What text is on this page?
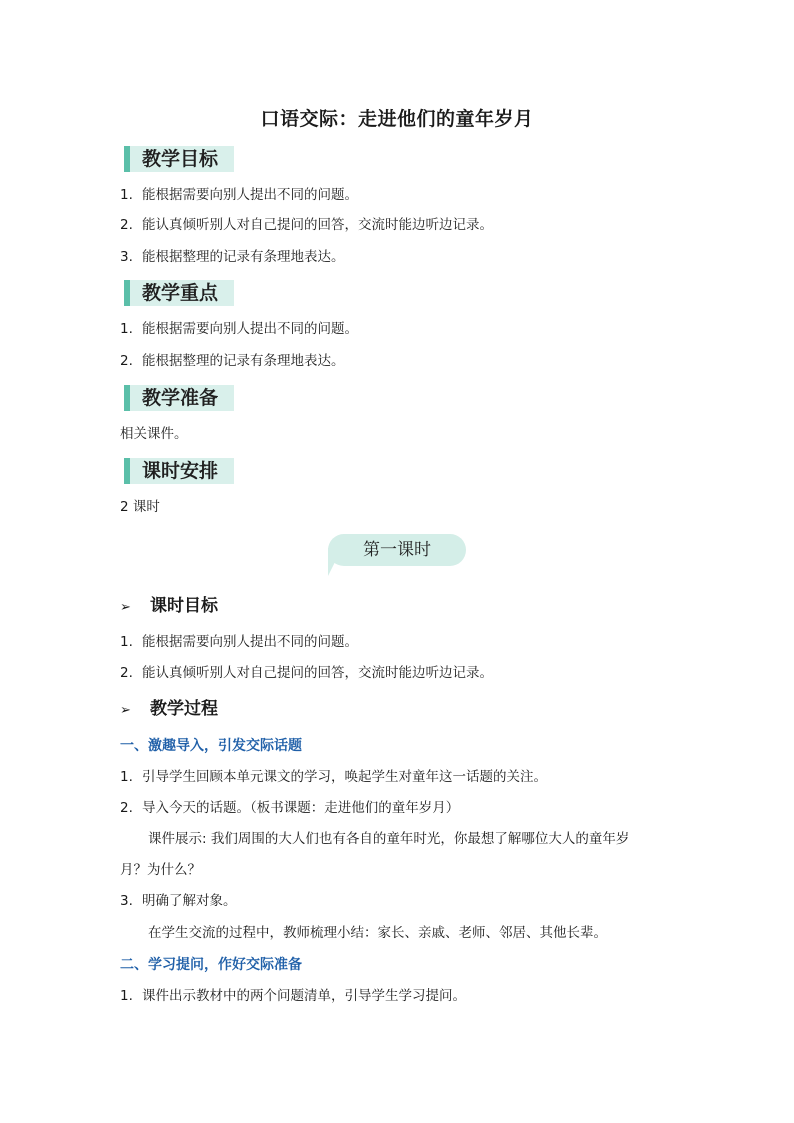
口语交际：走进他们的童年岁月
教学目标
1. 能根据需要向别人提出不同的问题。
2. 能认真倾听别人对自己提问的回答，交流时能边听边记录。
3. 能根据整理的记录有条理地表达。
教学重点
1. 能根据需要向别人提出不同的问题。
2. 能根据整理的记录有条理地表达。
教学准备
相关课件。
课时安排
2 课时
第一课时
➢ 课时目标
1. 能根据需要向别人提出不同的问题。
2. 能认真倾听别人对自己提问的回答，交流时能边听边记录。
➢ 教学过程
一、激趣导入，引发交际话题
1. 引导学生回顾本单元课文的学习，唤起学生对童年这一话题的关注。
2. 导入今天的话题。（板书课题：走进他们的童年岁月）
课件展示: 我们周围的大人们也有各自的童年时光，你最想了解哪位大人的童年岁
月？为什么？
3. 明确了解对象。
在学生交流的过程中，教师梳理小结：家长、亲戚、老师、邻居、其他长辈。
二、学习提问，作好交际准备
1. 课件出示教材中的两个问题清单，引导学生学习提问。
